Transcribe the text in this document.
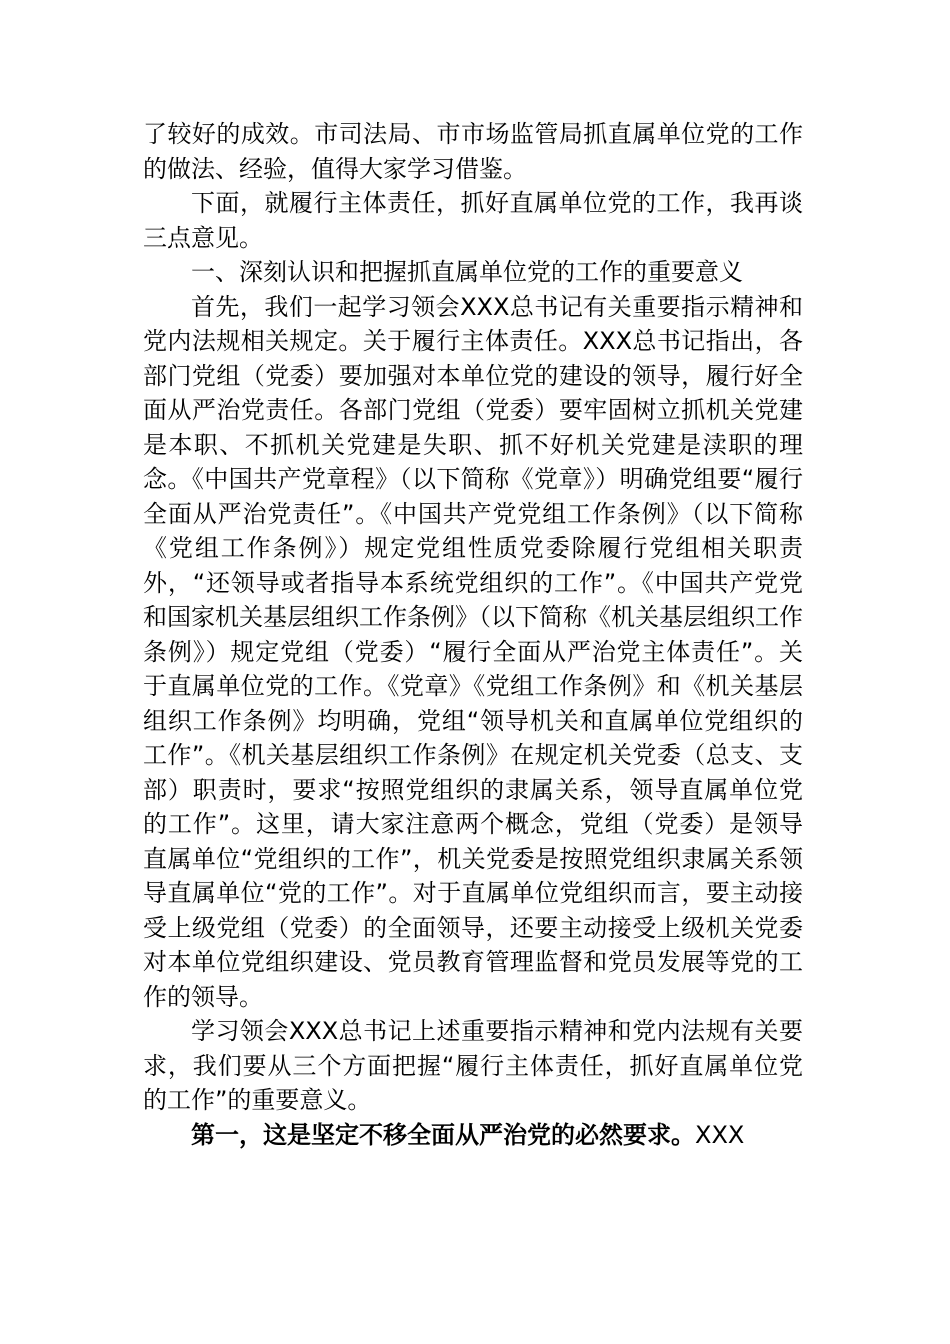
了较好的成效。市司法局、市市场监管局抓直属单位党的工作的做法、经验，值得大家学习借鉴。

下面，就履行主体责任，抓好直属单位党的工作，我再谈三点意见。

一、深刻认识和把握抓直属单位党的工作的重要意义

首先，我们一起学习领会XXX总书记有关重要指示精神和党内法规相关规定。关于履行主体责任。XXX总书记指出，各部门党组（党委）要加强对本单位党的建设的领导，履行好全面从严治党责任。各部门党组（党委）要牢固树立抓机关党建是本职、不抓机关党建是失职、抓不好机关党建是渎职的理念。《中国共产党章程》（以下简称《党章》）明确党组要“履行全面从严治党责任”。《中国共产党党组工作条例》（以下简称《党组工作条例》）规定党组性质党委除履行党组相关职责外，“还领导或者指导本系统党组织的工作”。《中国共产党党和国家机关基层组织工作条例》（以下简称《机关基层组织工作条例》）规定党组（党委）“履行全面从严治党主体责任”。关于直属单位党的工作。《党章》《党组工作条例》和《机关基层组织工作条例》均明确，党组“领导机关和直属单位党组织的工作”。《机关基层组织工作条例》在规定机关党委（总支、支部）职责时，要求“按照党组织的隶属关系，领导直属单位党的工作”。这里，请大家注意两个概念，党组（党委）是领导直属单位“党组织的工作”，机关党委是按照党组织隶属关系领导直属单位“党的工作”。对于直属单位党组织而言，要主动接受上级党组（党委）的全面领导，还要主动接受上级机关党委对本单位党组织建设、党员教育管理监督和党员发展等党的工作的领导。

学习领会XXX总书记上述重要指示精神和党内法规有关要求，我们要从三个方面把握“履行主体责任，抓好直属单位党的工作”的重要意义。

第一，这是坚定不移全面从严治党的必然要求。XXX
